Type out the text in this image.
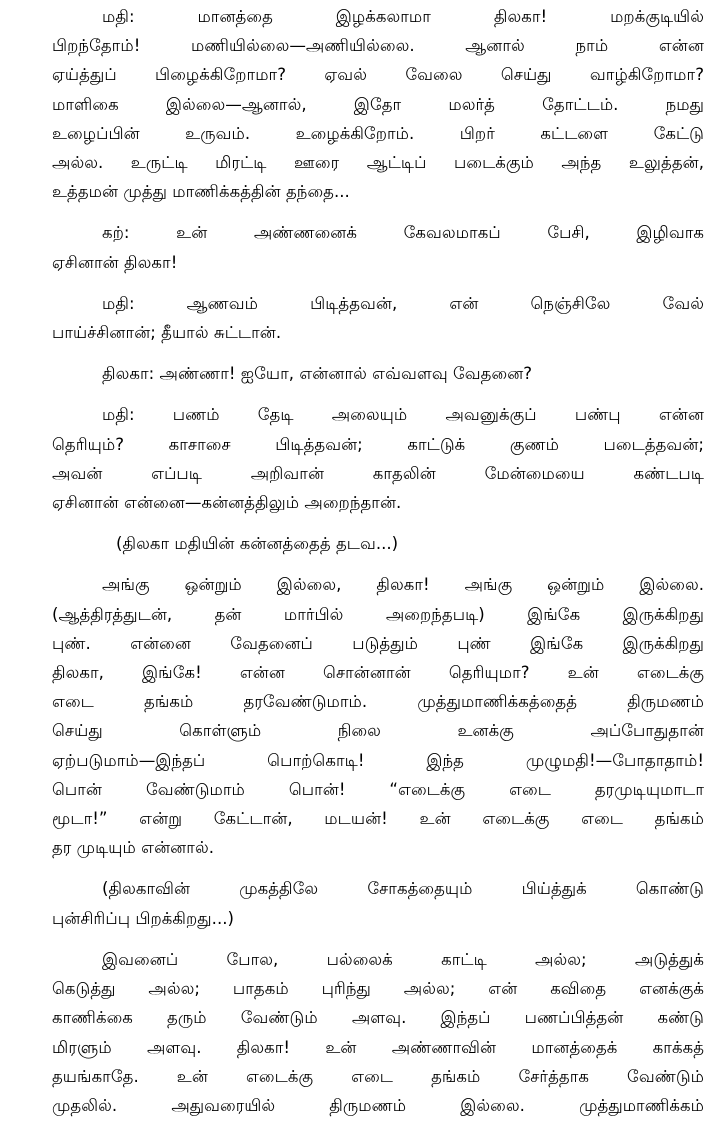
மதி: மானத்தை இழக்கலாமா திலகா! மறக்குடியில்
பிறந்தோம்! மணியில்லை—அணியில்லை. ஆனால் நாம் என்ன
ஏய்த்துப் பிழைக்கிறோமா? ஏவல் வேலை செய்து வாழ்கிறோமா?
மாளிகை இல்லை—ஆனால், இதோ மலர்த் தோட்டம். நமது
உழைப்பின் உருவம். உழைக்கிறோம். பிறர் கட்டளை கேட்டு
அல்ல. உருட்டி மிரட்டி ஊரை ஆட்டிப் படைக்கும் அந்த உலுத்தன்,
உத்தமன் முத்து மாணிக்கத்தின் தந்தை...
கற்: உன் அண்ணனைக் கேவலமாகப் பேசி, இழிவாக
ஏசினான் திலகா!
மதி: ஆணவம் பிடித்தவன், என் நெஞ்சிலே வேல்
பாய்ச்சினான்; தீயால் சுட்டான்.
திலகா: அண்ணா! ஐயோ, என்னால் எவ்வளவு வேதனை?
மதி: பணம் தேடி அலையும் அவனுக்குப் பண்பு என்ன
தெரியும்? காசாசை பிடித்தவன்; காட்டுக் குணம் படைத்தவன்;
அவன் எப்படி அறிவான் காதலின் மேன்மையை கண்டபடி
ஏசினான் என்னை—கன்னத்திலும் அறைந்தான்.
(திலகா மதியின் கன்னத்தைத் தடவ...)
அங்கு ஒன்றும் இல்லை, திலகா! அங்கு ஒன்றும் இல்லை.
(ஆத்திரத்துடன், தன் மார்பில் அறைந்தபடி) இங்கே இருக்கிறது
புண். என்னை வேதனைப் படுத்தும் புண் இங்கே இருக்கிறது
திலகா, இங்கே! என்ன சொன்னான் தெரியுமா? உன் எடைக்கு
எடை தங்கம் தரவேண்டுமாம். முத்துமாணிக்கத்தைத் திருமணம்
செய்து கொள்ளும் நிலை உனக்கு அப்போதுதான்
ஏற்படுமாம்—இந்தப் பொற்கொடி! இந்த முழுமதி!—போதாதாம்!
பொன் வேண்டுமாம் பொன்! “எடைக்கு எடை தரமுடியுமாடா
மூடா!” என்று கேட்டான், மடயன்! உன் எடைக்கு எடை தங்கம்
தர முடியும் என்னால்.
(திலகாவின் முகத்திலே சோகத்தையும் பிய்த்துக் கொண்டு
புன்சிரிப்பு பிறக்கிறது...)
இவனைப் போல, பல்லைக் காட்டி அல்ல; அடுத்துக்
கெடுத்து அல்ல; பாதகம் புரிந்து அல்ல; என் கவிதை எனக்குக்
காணிக்கை தரும் வேண்டும் அளவு. இந்தப் பணப்பித்தன் கண்டு
மிரளும் அளவு. திலகா! உன் அண்ணாவின் மானத்தைக் காக்கத்
தயங்காதே. உன் எடைக்கு எடை தங்கம் சேர்த்தாக வேண்டும்
முதலில். அதுவரையில் திருமணம் இல்லை. முத்துமாணிக்கம்
